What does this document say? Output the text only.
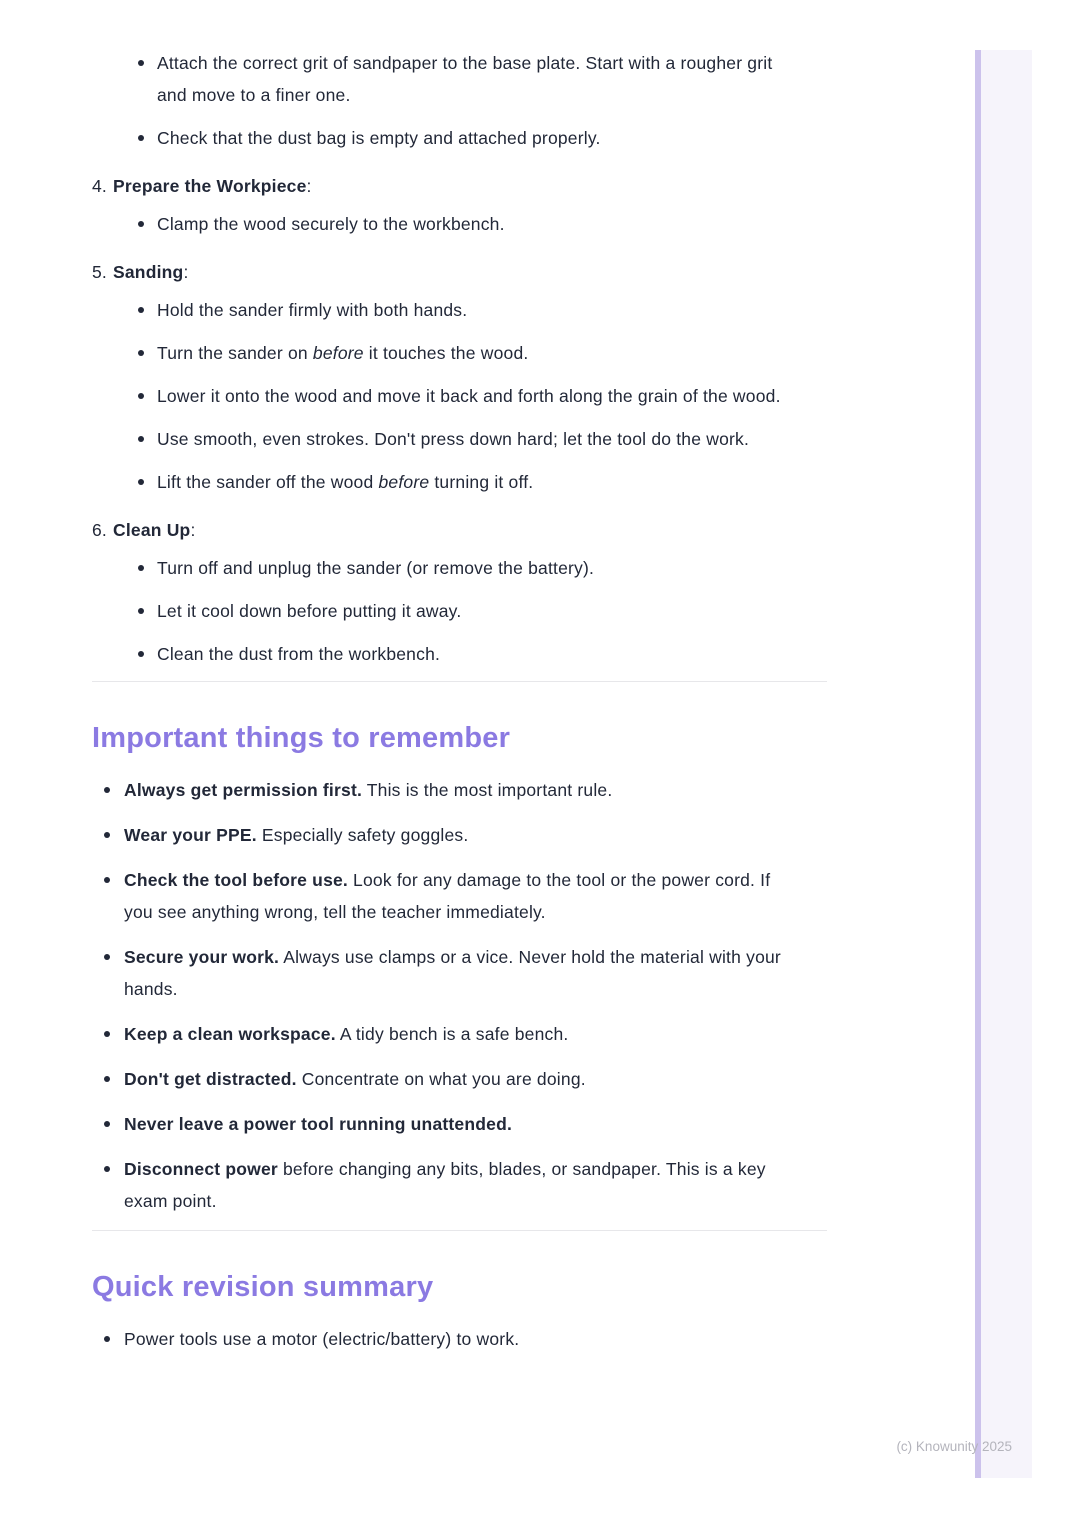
(c) Knowunity 2025
Attach the correct grit of sandpaper to the base plate. Start with a rougher grit and move to a finer one.
Check that the dust bag is empty and attached properly.
4. Prepare the Workpiece:
Clamp the wood securely to the workbench.
5. Sanding:
Hold the sander firmly with both hands.
Turn the sander on before it touches the wood.
Lower it onto the wood and move it back and forth along the grain of the wood.
Use smooth, even strokes. Don't press down hard; let the tool do the work.
Lift the sander off the wood before turning it off.
6. Clean Up:
Turn off and unplug the sander (or remove the battery).
Let it cool down before putting it away.
Clean the dust from the workbench.
Important things to remember
Always get permission first. This is the most important rule.
Wear your PPE. Especially safety goggles.
Check the tool before use. Look for any damage to the tool or the power cord. If you see anything wrong, tell the teacher immediately.
Secure your work. Always use clamps or a vice. Never hold the material with your hands.
Keep a clean workspace. A tidy bench is a safe bench.
Don't get distracted. Concentrate on what you are doing.
Never leave a power tool running unattended.
Disconnect power before changing any bits, blades, or sandpaper. This is a key exam point.
Quick revision summary
Power tools use a motor (electric/battery) to work.
